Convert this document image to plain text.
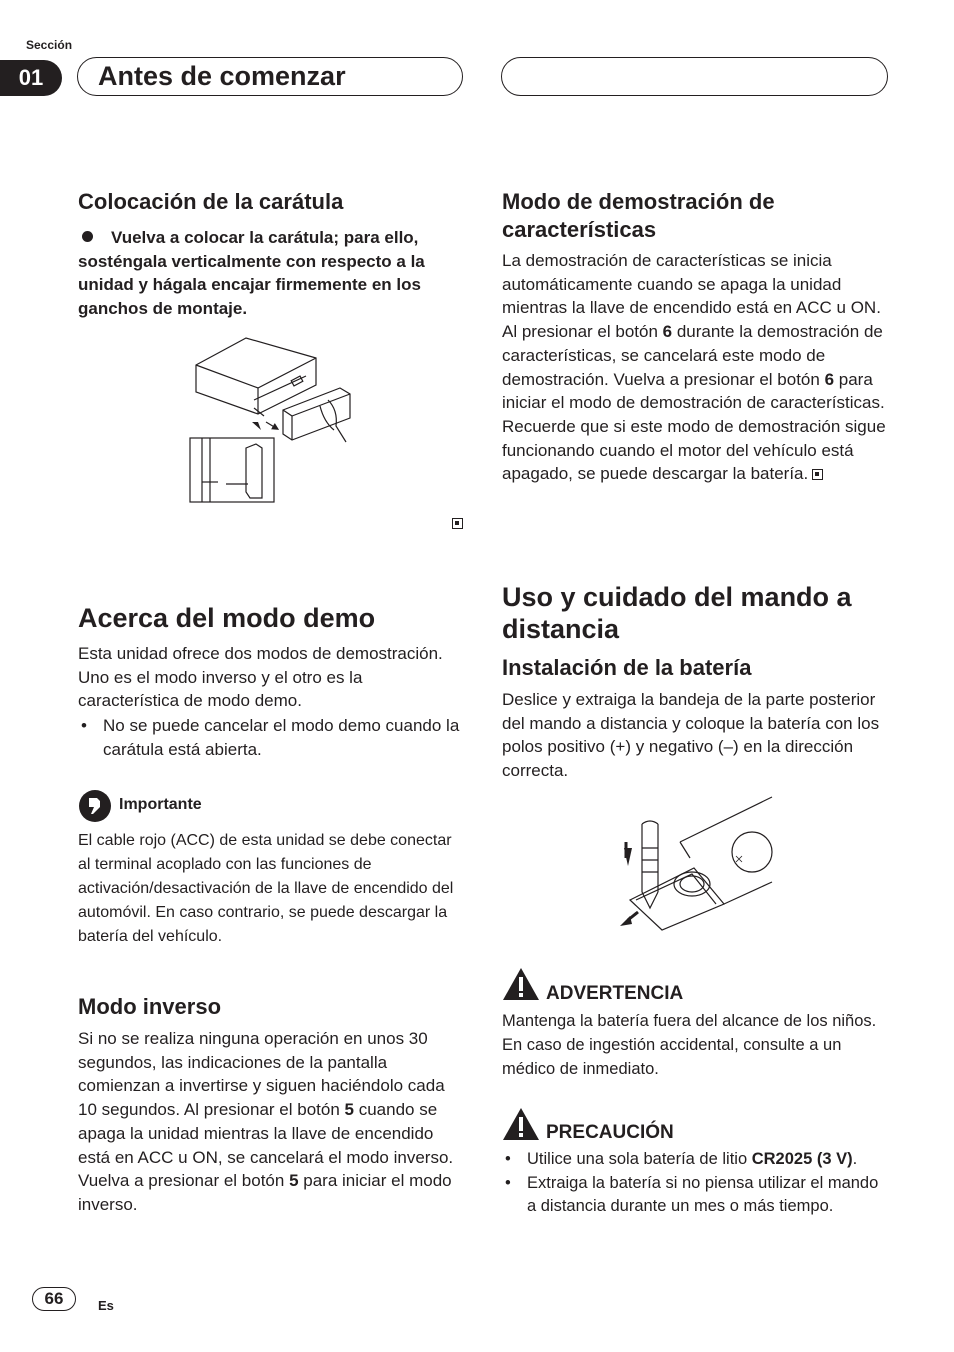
Sección
01	Antes de comenzar
Colocación de la carátula
Vuelva a colocar la carátula; para ello, sosténgala verticalmente con respecto a la unidad y hágala encajar firmemente en los ganchos de montaje.
Acerca del modo demo

Esta unidad ofrece dos modos de demostración. Uno es el modo inverso y el otro es la característica de modo demo.

• No se puede cancelar el modo demo cuando la carátula está abierta.
Importante

El cable rojo (ACC) de esta unidad se debe conectar al terminal acoplado con las funciones de activación/desactivación de la llave de encendido del automóvil. En caso contrario, se puede descargar la batería del vehículo.

Modo inverso

Si no se realiza ninguna operación en unos 30 segundos, las indicaciones de la pantalla comienzan a invertirse y siguen haciéndolo cada 10 segundos. Al presionar el botón 5 cuando se apaga la unidad mientras la llave de encendido está en ACC u ON, se cancelará el modo inverso. Vuelva a presionar el botón 5 para iniciar el modo inverso.

Modo de demostración de características

La demostración de características se inicia automáticamente cuando se apaga la unidad mientras la llave de encendido está en ACC u ON. Al presionar el botón 6 durante la demostración de características, se cancelará este modo de demostración. Vuelva a presionar el botón 6 para iniciar el modo de demostración de características. Recuerde que si este modo de demostración sigue funcionando cuando el motor del vehículo está apagado, se puede descargar la batería.

Uso y cuidado del mando a distancia
Instalación de la batería

Deslice y extraiga la bandeja de la parte posterior del mando a distancia y coloque la batería con los polos positivo (+) y negativo (–) en la dirección correcta.

ADVERTENCIA

Mantenga la batería fuera del alcance de los niños. En caso de ingestión accidental, consulte a un médico de inmediato.

PRECAUCIÓN
• Utilice una sola batería de litio CR2025 (3 V).
• Extraiga la batería si no piensa utilizar el mando a distancia durante un mes o más tiempo.
66	Es
